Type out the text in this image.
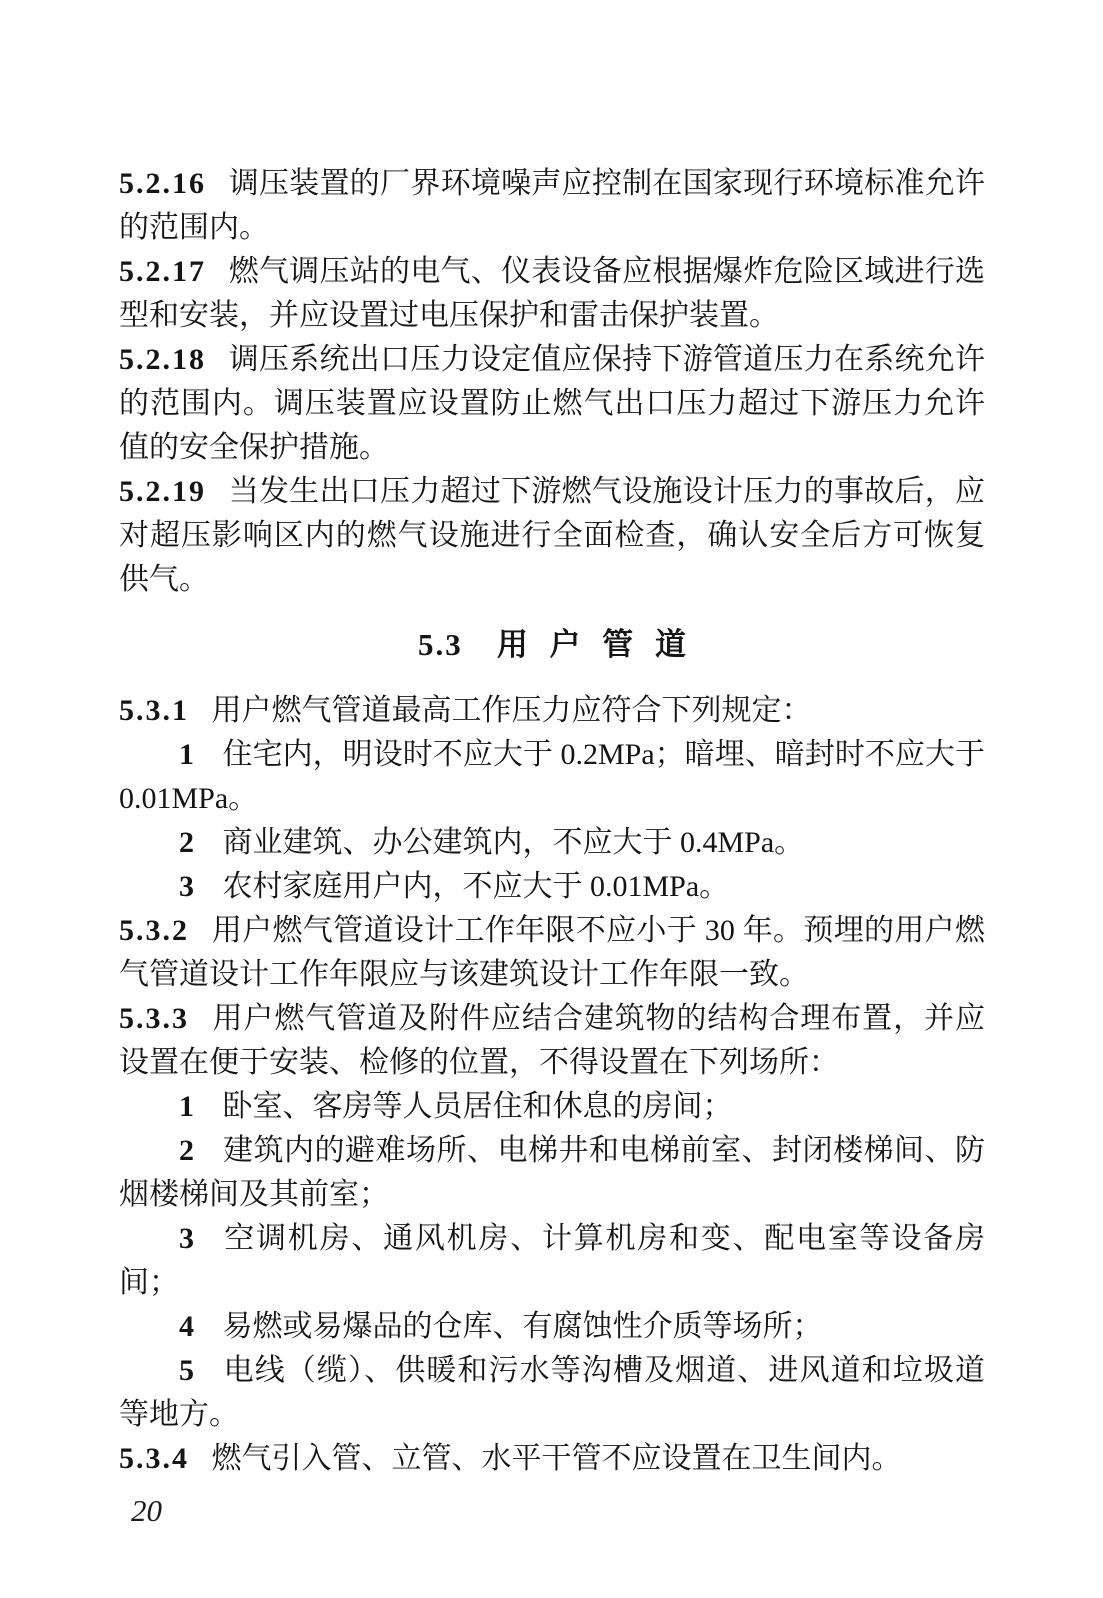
5.2.16 调压装置的厂界环境噪声应控制在国家现行环境标准允许的范围内。

5.2.17 燃气调压站的电气、仪表设备应根据爆炸危险区域进行选型和安装，并应设置过电压保护和雷击保护装置。

5.2.18 调压系统出口压力设定值应保持下游管道压力在系统允许的范围内。调压装置应设置防止燃气出口压力超过下游压力允许值的安全保护措施。

5.2.19 当发生出口压力超过下游燃气设施设计压力的事故后，应对超压影响区内的燃气设施进行全面检查，确认安全后方可恢复供气。

5.3 用户管道

5.3.1 用户燃气管道最高工作压力应符合下列规定：

1 住宅内，明设时不应大于 0.2MPa；暗埋、暗封时不应大于 0.01MPa。

2 商业建筑、办公建筑内，不应大于 0.4MPa。

3 农村家庭用户内，不应大于 0.01MPa。

5.3.2 用户燃气管道设计工作年限不应小于 30 年。预埋的用户燃气管道设计工作年限应与该建筑设计工作年限一致。

5.3.3 用户燃气管道及附件应结合建筑物的结构合理布置，并应设置在便于安装、检修的位置，不得设置在下列场所：

1 卧室、客房等人员居住和休息的房间；

2 建筑内的避难场所、电梯井和电梯前室、封闭楼梯间、防烟楼梯间及其前室；

3 空调机房、通风机房、计算机房和变、配电室等设备房间；

4 易燃或易爆品的仓库、有腐蚀性介质等场所；

5 电线（缆）、供暖和污水等沟槽及烟道、进风道和垃圾道等地方。

5.3.4 燃气引入管、立管、水平干管不应设置在卫生间内。

20
